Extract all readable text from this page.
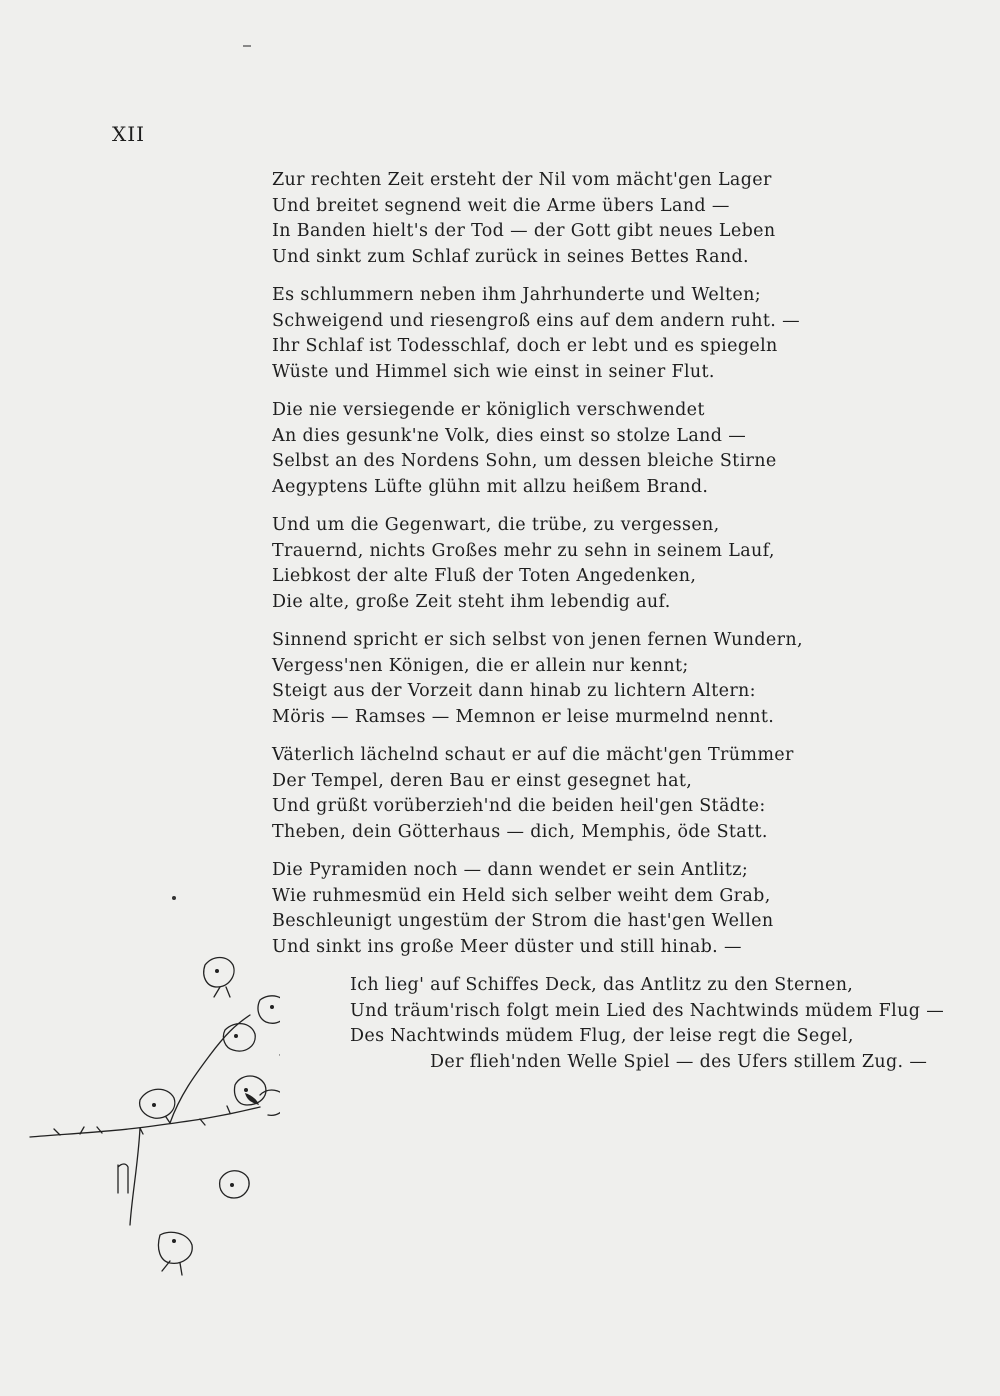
XII
Zur rechten Zeit ersteht der Nil vom mächt'gen Lager
Und breitet segnend weit die Arme übers Land —
In Banden hielt's der Tod — der Gott gibt neues Leben
Und sinkt zum Schlaf zurück in seines Bettes Rand.
Es schlummern neben ihm Jahrhunderte und Welten;
Schweigend und riesengroß eins auf dem andern ruht. —
Ihr Schlaf ist Todesschlaf, doch er lebt und es spiegeln
Wüste und Himmel sich wie einst in seiner Flut.
Die nie versiegende er königlich verschwendet
An dies gesunk'ne Volk, dies einst so stolze Land —
Selbst an des Nordens Sohn, um dessen bleiche Stirne
Aegyptens Lüfte glühn mit allzu heißem Brand.
Und um die Gegenwart, die trübe, zu vergessen,
Trauernd, nichts Großes mehr zu sehn in seinem Lauf,
Liebkost der alte Fluß der Toten Angedenken,
Die alte, große Zeit steht ihm lebendig auf.
Sinnend spricht er sich selbst von jenen fernen Wundern,
Vergess'nen Königen, die er allein nur kennt;
Steigt aus der Vorzeit dann hinab zu lichtern Altern:
Möris — Ramses — Memnon er leise murmelnd nennt.
Väterlich lächelnd schaut er auf die mächt'gen Trümmer
Der Tempel, deren Bau er einst gesegnet hat,
Und grüßt vorüberzieh'nd die beiden heil'gen Städte:
Theben, dein Götterhaus — dich, Memphis, öde Statt.
Die Pyramiden noch — dann wendet er sein Antlitz;
Wie ruhmesmüd ein Held sich selber weiht dem Grab,
Beschleunigt ungestüm der Strom die hast'gen Wellen
Und sinkt ins große Meer düster und still hinab. —
Ich lieg' auf Schiffes Deck, das Antlitz zu den Sternen,
Und träum'risch folgt mein Lied des Nachtwinds müdem Flug —
Des Nachtwinds müdem Flug, der leise regt die Segel,
Der flieh'nden Welle Spiel — des Ufers stillem Zug. —
